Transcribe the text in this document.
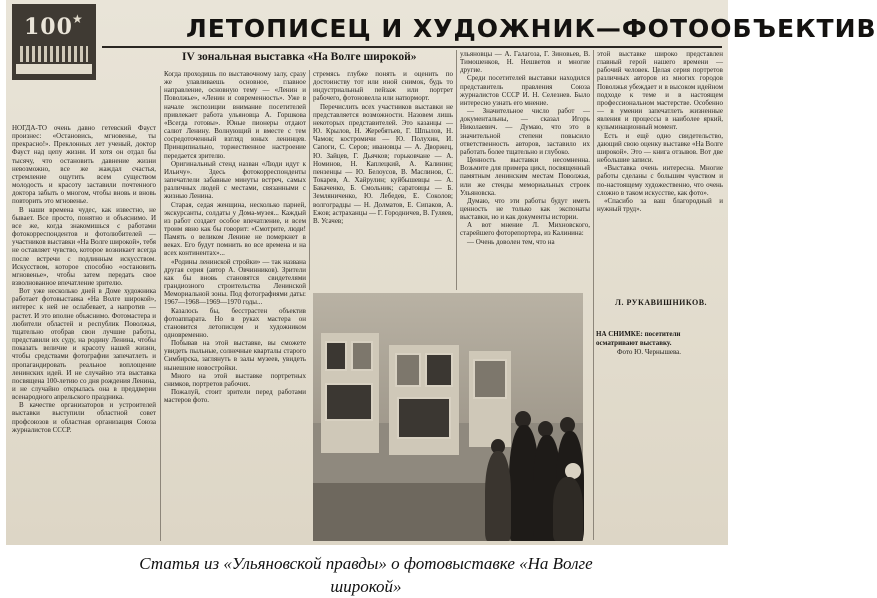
100 ★	ЛЕТОПИСЕЦ И ХУДОЖНИК—ФОТООБЪЕКТИВ
IV зональная выставка «На Волге широкой»

НОГДА-ТО очень давно гетевский Фауст произнес: «Остановись, мгновенье, ты прекрасно!». Преклонных лет ученый, доктор Фауст над цепу жизни. И хотя он отдал бы тысячу, что остановить давнение жизни невозможно, все же жаждал счастья, стремление ощутить всем существом молодость и красоту заставили почтенного доктора забыть о многом, чтобы вновь и вновь повторить это мгновенье.

В наши времена чудес, как известно, не бывает. Все просто, понятно и объяснимо. И все же, когда знакомишься с работами фотокорреспондентов и фотолюбителей — участников выставки «На Волге широкой», тебя не оставляет чувство, которое возникает всегда после встречи с подлинным искусством. Искусством, которое способно «остановить мгновенье», чтобы затем передать свое взволнованное впечатление зрителю.

Вот уже несколько дней в Доме художника работает фотовыставка «На Волге широкой», интерес к ней не ослабевает, а напротив — растет. И это вполне объяснимо. Фотомастера и любители областей и республик Поволжья, тщательно отобрав свои лучшие работы, представили их суду, на родину Ленина, что́бы показать величие и красоту нашей жизни, чтобы средствами фотографии запечатлеть и пропагандировать реальное воплощение ленинских идей. И не случайно эта выставка посвящена 100-летию со дня рождения Ленина, и не случайно открылась она в преддверии всенародного апрельского праздника.

В качестве организаторов и устроителей выставки выступили областной совет профсоюзов и областная организация Союза журналистов СССР.

Когда проходишь по выставочному залу, сразу же улавливаешь основное, главное направление, основную тему — «Ленин и Поволжье», «Ленин и современность». Уже в начале экспозиции внимание посетителей привлекает работа ульяновца А. Горшкова «Всегда готовы». Юные пионеры отдают салют Ленину. Волнующий и вместе с тем сосредоточенный взгляд юных ленинцев. Принципиально, торжественное настроение передается зрителю.

Оригинальный стенд назван «Люди идут к Ильичу». Здесь фотокорреспонденты запечатлели забавные минуты встреч, самых различных людей с местами, связанными с жизнью Ленина.

Старая, седая женщина, несколько парней, экскурсанты, солдаты у Дома-музея... Каждый из работ создает особое впечатление, и всем троим явно как бы говорит: «Смотрите, люди! Память о великом Ленине не померкнет в веках. Его будут помнить во все времена и на всех континентах»...

«Родины ленинской стройки» — так названа другая серия (автор А. Овчинников). Зрители как бы вновь становятся свидетелями грандиозного строительства Ленинской Мемориальной зоны. Под фотографиями даты: 1967—1968—1969—1970 годы...

Казалось бы, бесстрастен объектив фотоаппарата. Но в руках мастера он становится летописцем и художником одновременно.

Побывав на этой выставке, вы сможете увидеть пыльные, солнечные кварталы старого Симбирска, заглянуть в залы музеев, увидеть нынешние новостройки.

Много на этой выставке портретных снимков, портретов рабочих.

Пожалуй, стоит зрители перед работами мастеров фото.

стремясь глубже понять и оценить по достоинству тот или иной снимок, будь то индустриальный пейзаж или портрет рабочего, фотоновелла или натюрморт.

Перечислить всех участников выставки не представляется возможности. Назовем лишь некоторых представителей. Это казанцы — Ю. Крылов, Н. Жеребятьев, Г. Шпылов, Н. Чамов; костромичи — Ю. Полухин, И. Сапоги, С. Серов; ивановцы — А. Дворжец, Ю. Зайцев, Г. Дьячков; горьковчане — А. Номинов, Н. Каплецкий, А. Калинин; пензенцы — Ю. Белоусов, В. Маслинов, С. Токарев, А. Хайрулин; куйбышевцы — А. Бакаченко, Б. Смольник; саратовцы — Б. Земляниченко, Ю. Лебедев, Е. Соколов; волгоградцы — Н. Долматов, Е. Сипаков, А. Ежов; астраханцы — Г. Городничев, В. Гуляев, В. Усачев;

ульяновцы — А. Галагоза, Г. Зиновьев, В. Тимошенков, Н. Нешветов и многие другие.

Среди посетителей выставки находился представитель правления Союза журналистов СССР И. Н. Селезнев. Было интересно узнать его мнение.

— Значительное число работ — документальны, — сказал Игорь Николаевич. — Думаю, что это в значительной степени повысило ответственность авторов, заставило их работать более тщательно и глубоко.

Ценность выставки несомненна. Возьмите для примера цикл, посвященный памятным ленинским местам Поволжья, или же стенды мемориальных строек Ульяновска.

Думаю, что эти работы будут иметь ценность не только как экспонаты выставки, но и как документы истории.

А вот мнение Л. Михновского, старейшего фоторепортера, из Калинина:

— Очень доволен тем, что на

этой выставке широко представлен главный герой нашего времени — рабочий человек. Целая серия портретов различных авторов из многих городов Поволжья убеждает и в высоком идейном подходе к теме и в настоящем профессиональном мастерстве. Особенно — в умении запечатлеть жизненные явления и процессы в наиболее яркий, кульминационный момент.

Есть и ещё одно свидетельство, дающий свою оценку выставке «На Волге широкой». Это — книга отзывов. Вот две небольшие записи.

«Выставка очень интересна. Многие работы сделаны с большим чувством и по-настоящему художественно, что очень сложно в таком искусстве, как фото».

«Спасибо за ваш благородный и нужный труд».

Л. РУКАВИШНИКОВ.
НА СНИМКЕ: посетители осматривают выставку.
Фото Ю. Чернышева.
Статья из «Ульяновской правды» о фотовыставке «На Волге
широкой»
